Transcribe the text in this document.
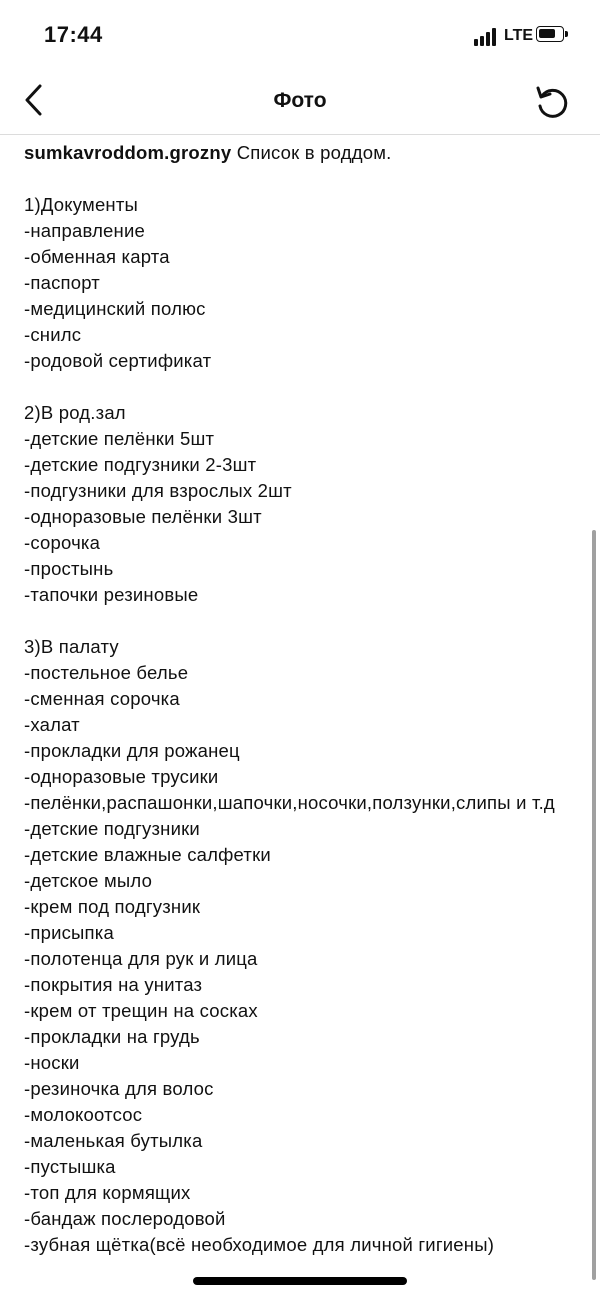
17:44	LTE
Фото

sumkavroddom.grozny Список в роддом.

1)Документы

-направление

-обменная карта

-паспорт

-медицинский полюс

-снилс

-родовой сертификат

2)В род.зал

-детские пелёнки 5шт

-детские подгузники 2-3шт

-подгузники для взрослых 2шт

-одноразовые пелёнки 3шт

-сорочка

-простынь

-тапочки резиновые

3)В палату

-постельное белье

-сменная сорочка

-халат

-прокладки для рожанец

-одноразовые трусики

-пелёнки,распашонки,шапочки,носочки,ползунки,слипы и т.д

-детские подгузники

-детские влажные салфетки

-детское мыло

-крем под подгузник

-присыпка

-полотенца для рук и лица

-покрытия на унитаз

-крем от трещин на сосках

-прокладки на грудь

-носки

-резиночка для волос

-молокоотсос

-маленькая бутылка

-пустышка

-топ для кормящих

-бандаж послеродовой

-зубная щётка(всё необходимое для личной гигиены)
